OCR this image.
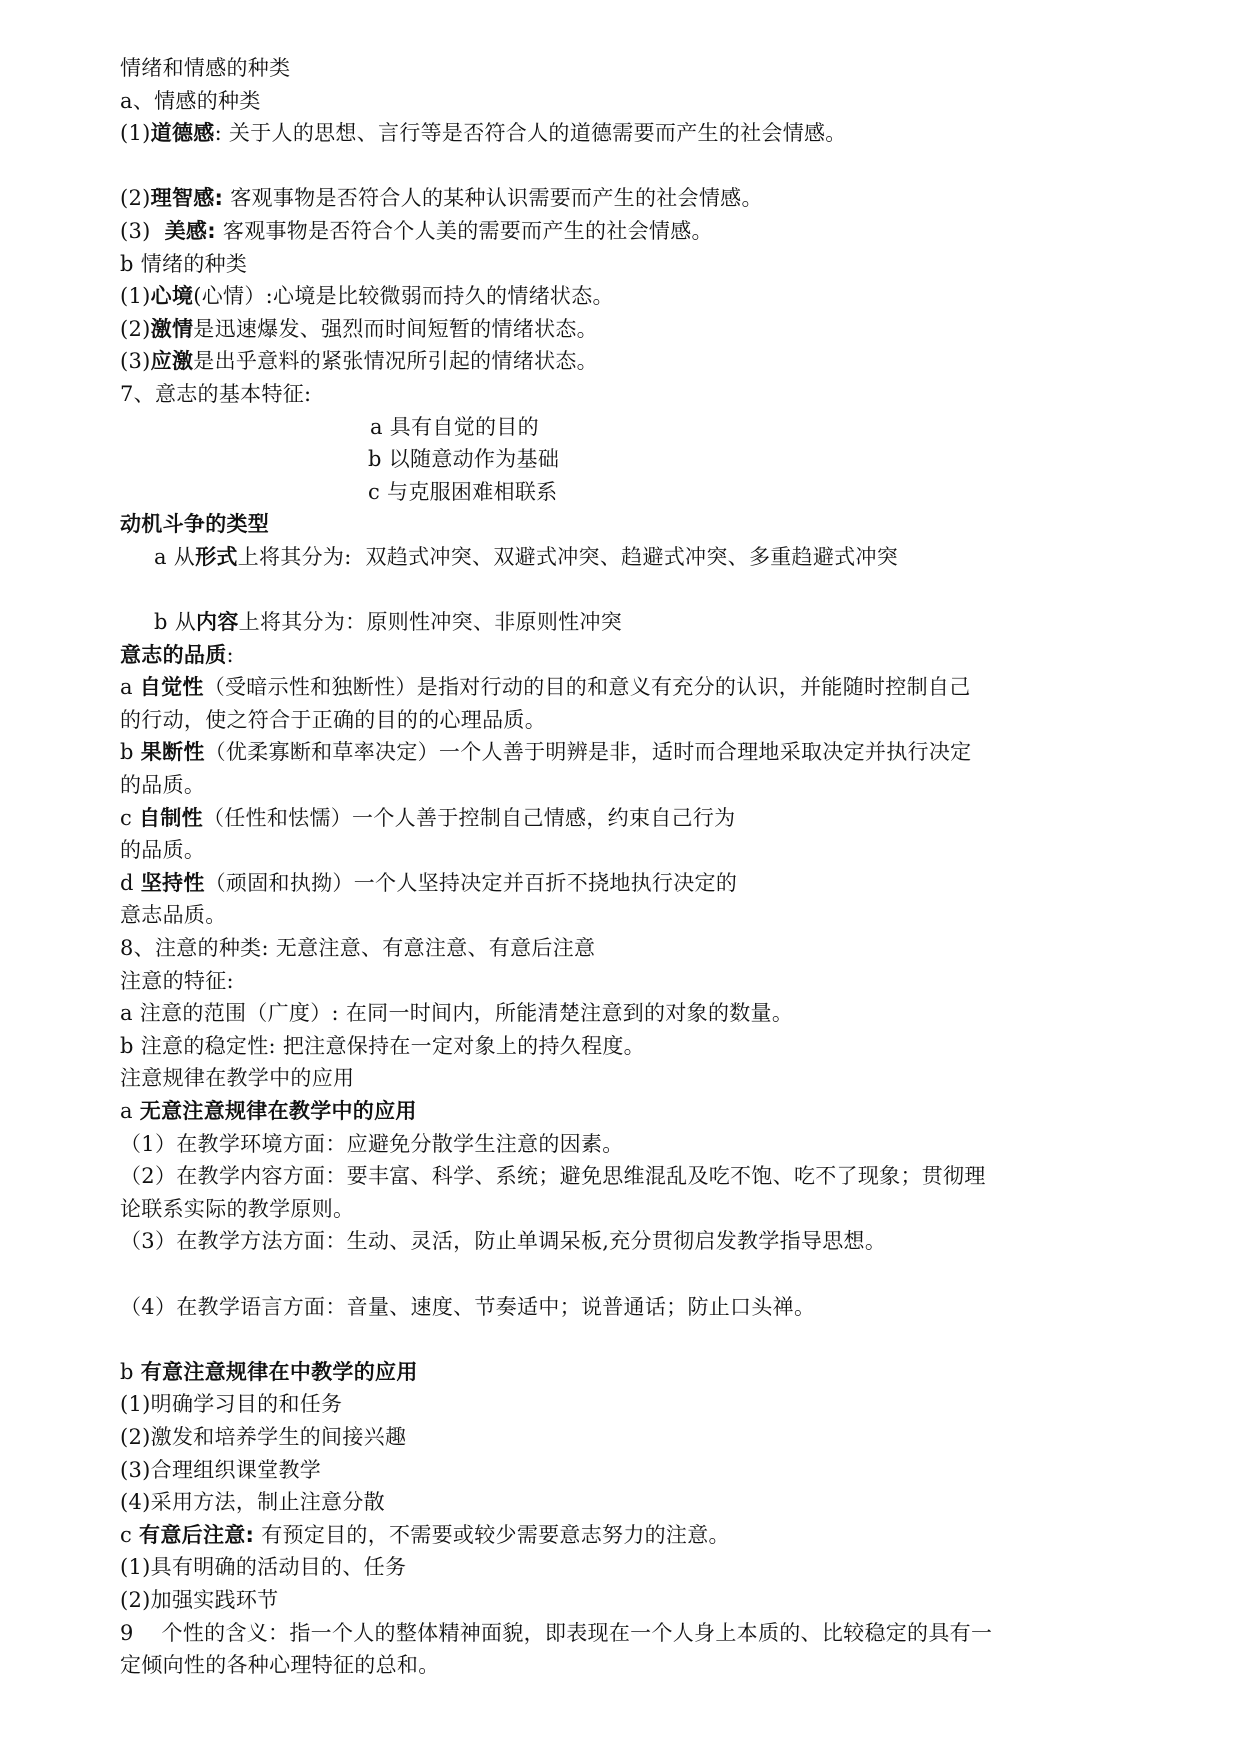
情绪和情感的种类
a、情感的种类
(1)道德感: 关于人的思想、言行等是否符合人的道德需要而产生的社会情感。
(2)理智感: 客观事物是否符合人的某种认识需要而产生的社会情感。
(3)  美感: 客观事物是否符合个人美的需要而产生的社会情感。
b 情绪的种类
(1)心境(心情）:心境是比较微弱而持久的情绪状态。
(2)激情是迅速爆发、强烈而时间短暂的情绪状态。
(3)应激是出乎意料的紧张情况所引起的情绪状态。
7、意志的基本特征:
a 具有自觉的目的
b 以随意动作为基础
c 与克服困难相联系
动机斗争的类型
a 从形式上将其分为:  双趋式冲突、双避式冲突、趋避式冲突、多重趋避式冲突
b 从内容上将其分为：原则性冲突、非原则性冲突
意志的品质:
a 自觉性（受暗示性和独断性）是指对行动的目的和意义有充分的认识，并能随时控制自己
的行动，使之符合于正确的目的的心理品质。
b 果断性（优柔寡断和草率决定）一个人善于明辨是非，适时而合理地采取决定并执行决定
的品质。
c 自制性（任性和怯懦）一个人善于控制自己情感，约束自己行为
的品质。
d 坚持性（顽固和执拗）一个人坚持决定并百折不挠地执行决定的
意志品质。
8、注意的种类: 无意注意、有意注意、有意后注意
注意的特征:
a 注意的范围（广度）: 在同一时间内，所能清楚注意到的对象的数量。
b 注意的稳定性: 把注意保持在一定对象上的持久程度。
注意规律在教学中的应用
a 无意注意规律在教学中的应用
（1）在教学环境方面：应避免分散学生注意的因素。
（2）在教学内容方面：要丰富、科学、系统；避免思维混乱及吃不饱、吃不了现象；贯彻理
论联系实际的教学原则。
（3）在教学方法方面：生动、灵活，防止单调呆板,充分贯彻启发教学指导思想。
（4）在教学语言方面：音量、速度、节奏适中；说普通话；防止口头禅。
b 有意注意规律在中教学的应用
(1)明确学习目的和任务
(2)激发和培养学生的间接兴趣
(3)合理组织课堂教学
(4)采用方法，制止注意分散
c 有意后注意: 有预定目的，不需要或较少需要意志努力的注意。
(1)具有明确的活动目的、任务
(2)加强实践环节
9    个性的含义：指一个人的整体精神面貌，即表现在一个人身上本质的、比较稳定的具有一
定倾向性的各种心理特征的总和。
